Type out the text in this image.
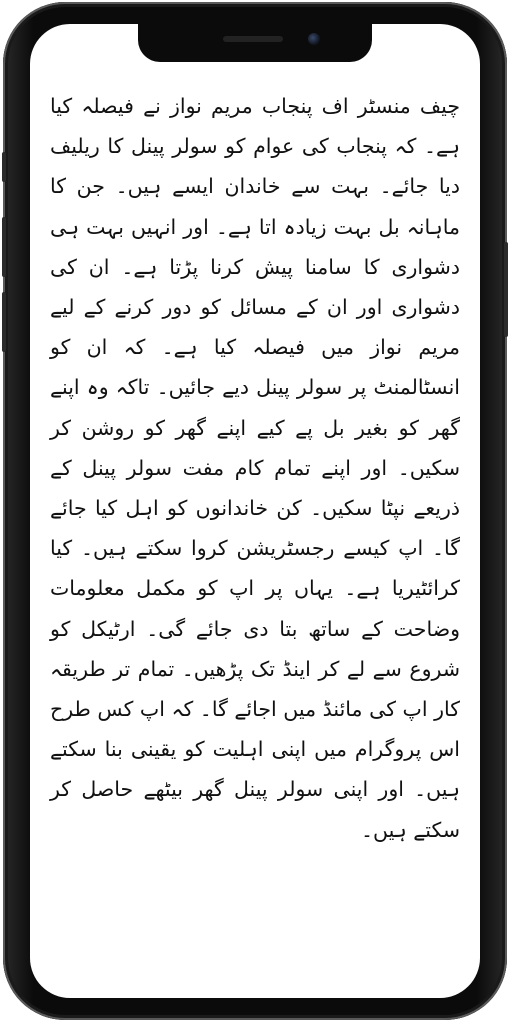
چیف منسٹر اف پنجاب مریم نواز نے فیصلہ کیا ہے۔ کہ پنجاب کی عوام کو سولر پینل کا ریلیف دیا جائے۔ بہت سے خاندان ایسے ہیں۔ جن کا ماہانہ بل بہت زیادہ اتا ہے۔ اور انہیں بہت ہی دشواری کا سامنا پیش کرنا پڑتا ہے۔ ان کی دشواری اور ان کے مسائل کو دور کرنے کے لیے مریم نواز میں فیصلہ کیا ہے۔ کہ ان کو انسٹالمنٹ پر سولر پینل دیے جائیں۔ تاکہ وہ اپنے گھر کو بغیر بل پے کیے اپنے گھر کو روشن کر سکیں۔ اور اپنے تمام کام مفت سولر پینل کے ذریعے نپٹا سکیں۔ کن خاندانوں کو اہل کیا جائے گا۔ اپ کیسے رجسٹریشن کروا سکتے ہیں۔ کیا کرائٹیریا ہے۔ یہاں پر اپ کو مکمل معلومات وضاحت کے ساتھ بتا دی جائے گی۔ ارٹیکل کو شروع سے لے کر اینڈ تک پڑھیں۔ تمام تر طریقہ کار اپ کی مائنڈ میں اجائے گا۔ کہ اپ کس طرح اس پروگرام میں اپنی اہلیت کو یقینی بنا سکتے ہیں۔ اور اپنی سولر پینل گھر بیٹھے حاصل کر سکتے ہیں۔
